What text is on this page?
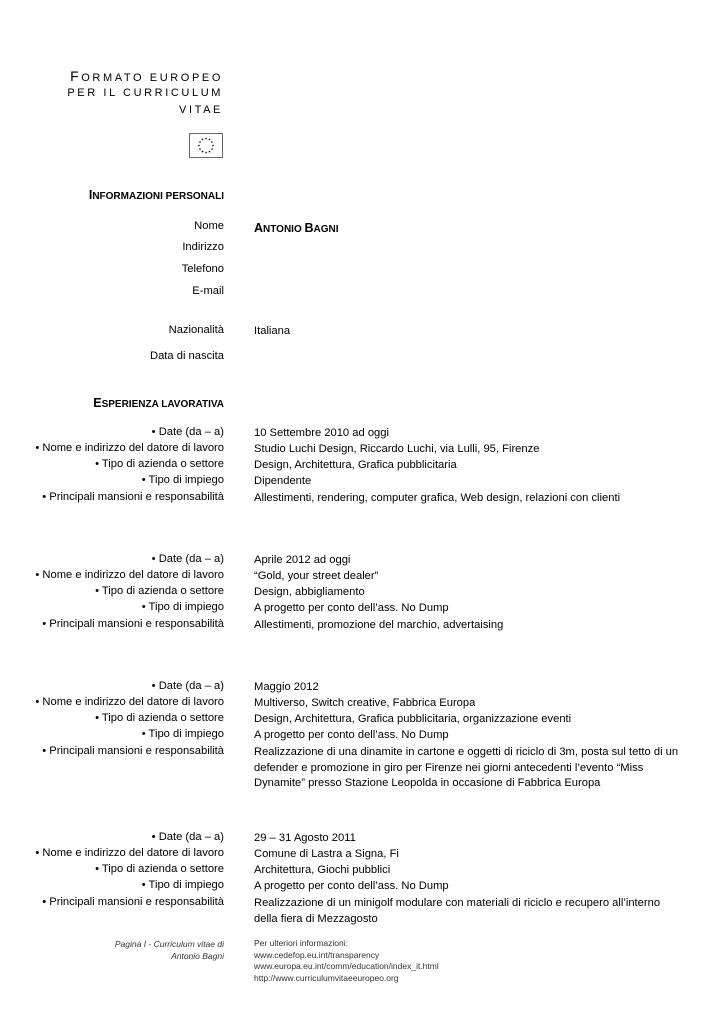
FORMATO EUROPEO
PER IL CURRICULUM
VITAE
INFORMAZIONI PERSONALI
Nome ANTONIO BAGNI
Indirizzo
Telefono
E-mail
Nazionalità	Italiana
Data di nascita
ESPERIENZA LAVORATIVA
• Date (da – a)	10 Settembre 2010 ad oggi
• Nome e indirizzo del datore di lavoro	Studio Luchi Design, Riccardo Luchi, via Lulli, 95, Firenze
• Tipo di azienda o settore	Design, Architettura, Grafica pubblicitaria
• Tipo di impiego	Dipendente
• Principali mansioni e responsabilità	Allestimenti, rendering, computer grafica, Web design, relazioni con clienti
• Date (da – a)	Aprile 2012 ad oggi
• Nome e indirizzo del datore di lavoro	“Gold, your street dealer”
• Tipo di azienda o settore	Design, abbigliamento
• Tipo di impiego	A progetto per conto dell’ass. No Dump
• Principali mansioni e responsabilità	Allestimenti, promozione del marchio, advertaising
• Date (da – a)	Maggio 2012
• Nome e indirizzo del datore di lavoro	Multiverso, Switch creative, Fabbrica Europa
• Tipo di azienda o settore	Design, Architettura, Grafica pubblicitaria, organizzazione eventi
• Tipo di impiego	A progetto per conto dell’ass. No Dump
• Principali mansioni e responsabilità	Realizzazione di una dinamite in cartone e oggetti di riciclo di 3m, posta sul tetto di un defender e promozione in giro per Firenze nei giorni antecedenti l’evento “Miss Dynamite” presso Stazione Leopolda in occasione di Fabbrica Europa
• Date (da – a)	29 – 31 Agosto 2011
• Nome e indirizzo del datore di lavoro	Comune di Lastra a Signa, Fi
• Tipo di azienda o settore	Architettura, Giochi pubblici
• Tipo di impiego	A progetto per conto dell’ass. No Dump
• Principali mansioni e responsabilità	Realizzazione di un minigolf modulare con materiali di riciclo e recupero all’interno della fiera di Mezzagosto
Pagina I - Curriculum vitae di
Antonio Bagni
Per ulteriori informazioni:
www.cedefop.eu.int/transparency
www.europa.eu.int/comm/education/index_it.html
http://www.curriculumvitaeeuropeo.org
